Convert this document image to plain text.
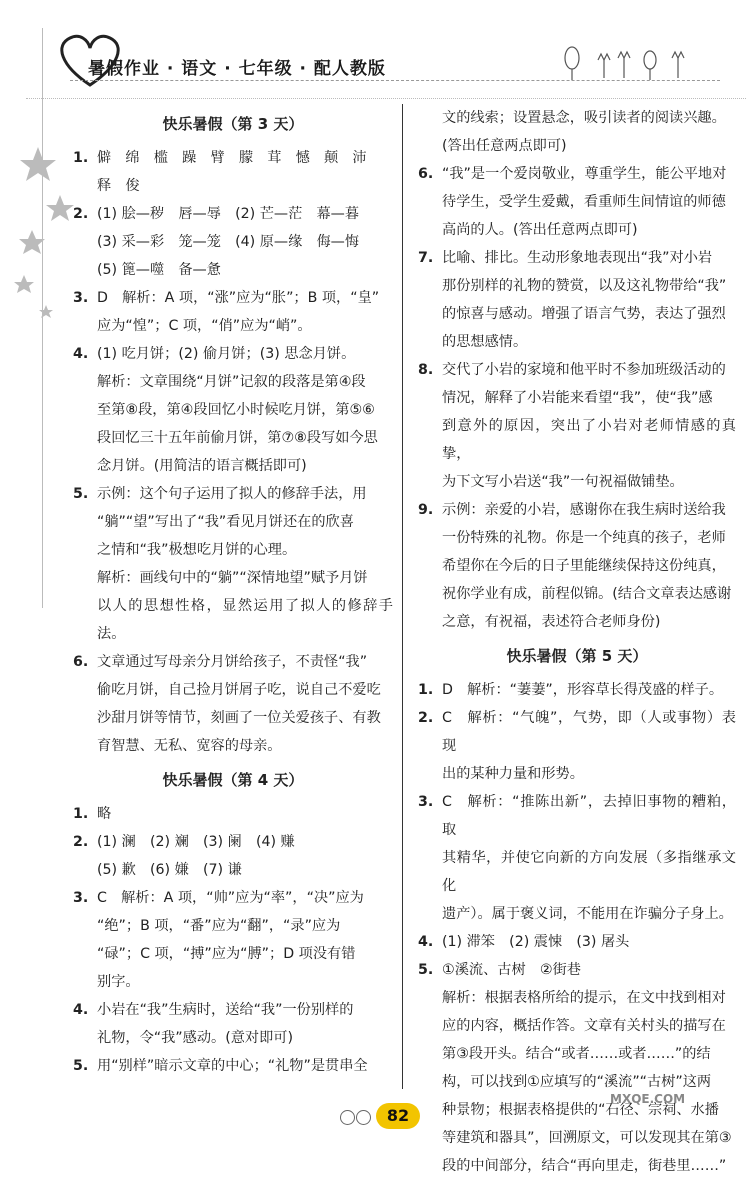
暑假作业 · 语文 · 七年级 · 配人教版
快乐暑假（第 3 天）
1. 僻　绵　槛　躁　臂　朦　茸　憾　颠　沛

释　俊

2. (1) 脍—秽　唇—辱　(2) 芒—茫　幕—暮

(3) 采—彩　笼—笼　(4) 原—缘　侮—悔

(5) 篦—噬　备—惫

3. D　解析：A 项，“涨”应为“胀”；B 项，“皇”

应为“惶”；C 项，“俏”应为“峭”。

4. (1) 吃月饼；(2) 偷月饼；(3) 思念月饼。

解析：文章围绕“月饼”记叙的段落是第④段

至第⑧段，第④段回忆小时候吃月饼，第⑤⑥

段回忆三十五年前偷月饼，第⑦⑧段写如今思

念月饼。(用简洁的语言概括即可)

5. 示例：这个句子运用了拟人的修辞手法，用

“躺”“望”写出了“我”看见月饼还在的欣喜

之情和“我”极想吃月饼的心理。

解析：画线句中的“躺”“深情地望”赋予月饼

以人的思想性格，显然运用了拟人的修辞手法。

6. 文章通过写母亲分月饼给孩子，不责怪“我”

偷吃月饼，自己捡月饼屑子吃，说自己不爱吃

沙甜月饼等情节，刻画了一位关爱孩子、有教

育智慧、无私、宽容的母亲。

快乐暑假（第 4 天）
1. 略

2. (1) 澜　(2) 斓　(3) 阑　(4) 赚

(5) 歉　(6) 嫌　(7) 谦

3. C　解析：A 项，“帅”应为“率”，“决”应为

“绝”；B 项，“番”应为“翻”，“录”应为

“碌”；C 项，“搏”应为“膊”；D 项没有错

别字。

4. 小岩在“我”生病时，送给“我”一份别样的

礼物，令“我”感动。(意对即可)

5. 用“别样”暗示文章的中心；“礼物”是贯串全

文的线索；设置悬念，吸引读者的阅读兴趣。

(答出任意两点即可)

6. “我”是一个爱岗敬业，尊重学生，能公平地对

待学生，受学生爱戴，看重师生间情谊的师德

高尚的人。(答出任意两点即可)

7. 比喻、排比。生动形象地表现出“我”对小岩

那份别样的礼物的赞赏，以及这礼物带给“我”

的惊喜与感动。增强了语言气势，表达了强烈

的思想感情。

8. 交代了小岩的家境和他平时不参加班级活动的

情况，解释了小岩能来看望“我”，使“我”感

到意外的原因，突出了小岩对老师情感的真挚，

为下文写小岩送“我”一句祝福做铺垫。

9. 示例：亲爱的小岩，感谢你在我生病时送给我

一份特殊的礼物。你是一个纯真的孩子，老师

希望你在今后的日子里能继续保持这份纯真，

祝你学业有成，前程似锦。(结合文章表达感谢

之意，有祝福，表述符合老师身份)

快乐暑假（第 5 天）
1. D　解析：“萋萋”，形容草长得茂盛的样子。

2. C　解析：“气魄”，气势，即（人或事物）表现

出的某种力量和形势。

3. C　解析：“推陈出新”，去掉旧事物的糟粕，取

其精华，并使它向新的方向发展（多指继承文化

遗产）。属于褒义词，不能用在诈骗分子身上。

4. (1) 滞笨　(2) 震悚　(3) 屠头

5. ①溪流、古树　②街巷

解析：根据表格所给的提示，在文中找到相对

应的内容，概括作答。文章有关村头的描写在

第③段开头。结合“或者……或者……”的结

构，可以找到①应填写的“溪流”“古树”这两

种景物；根据表格提供的“石径、宗祠、水播

等建筑和器具”，回溯原文，可以发现其在第③

段的中间部分，结合“再向里走，街巷里……”

82
MXQE.COM
